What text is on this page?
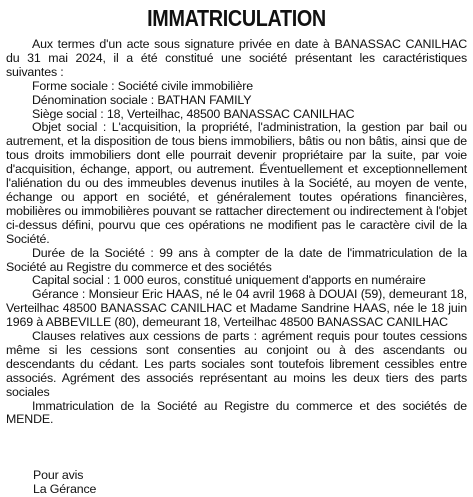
IMMATRICULATION

Aux termes d'un acte sous signature privée en date à BANASSAC CANILHAC du 31 mai 2024, il a été constitué une société présentant les caractéristiques suivantes :

Forme sociale : Société civile immobilière

Dénomination sociale : BATHAN FAMILY

Siège social : 18, Verteilhac, 48500 BANASSAC CANILHAC

Objet social : L'acquisition, la propriété, l'administration, la gestion par bail ou autrement, et la disposition de tous biens immobiliers, bâtis ou non bâtis, ainsi que de tous droits immobiliers dont elle pourrait devenir propriétaire par la suite, par voie d'acquisition, échange, apport, ou autrement. Éventuellement et exceptionnellement l'aliénation du ou des immeubles devenus inutiles à la Société, au moyen de vente, échange ou apport en société, et généralement toutes opérations financières, mobilières ou immobilières pouvant se rattacher directement ou indirectement à l'objet ci-dessus défini, pourvu que ces opérations ne modifient pas le caractère civil de la Société.

Durée de la Société : 99 ans à compter de la date de l'immatriculation de la Société au Registre du commerce et des sociétés

Capital social : 1 000 euros, constitué uniquement d'apports en numéraire

Gérance : Monsieur Eric HAAS, né le 04 avril 1968 à DOUAI (59), demeurant 18, Verteilhac 48500 BANASSAC CANILHAC et Madame Sandrine HAAS, née le 18 juin 1969 à ABBEVILLE (80), demeurant 18, Verteilhac 48500 BANASSAC CANILHAC

Clauses relatives aux cessions de parts : agrément requis pour toutes cessions même si les cessions sont consenties au conjoint ou à des ascendants ou descendants du cédant. Les parts sociales sont toutefois librement cessibles entre associés. Agrément des associés représentant au moins les deux tiers des parts sociales

Immatriculation de la Société au Registre du commerce et des sociétés de MENDE.

Pour avis

La Gérance
